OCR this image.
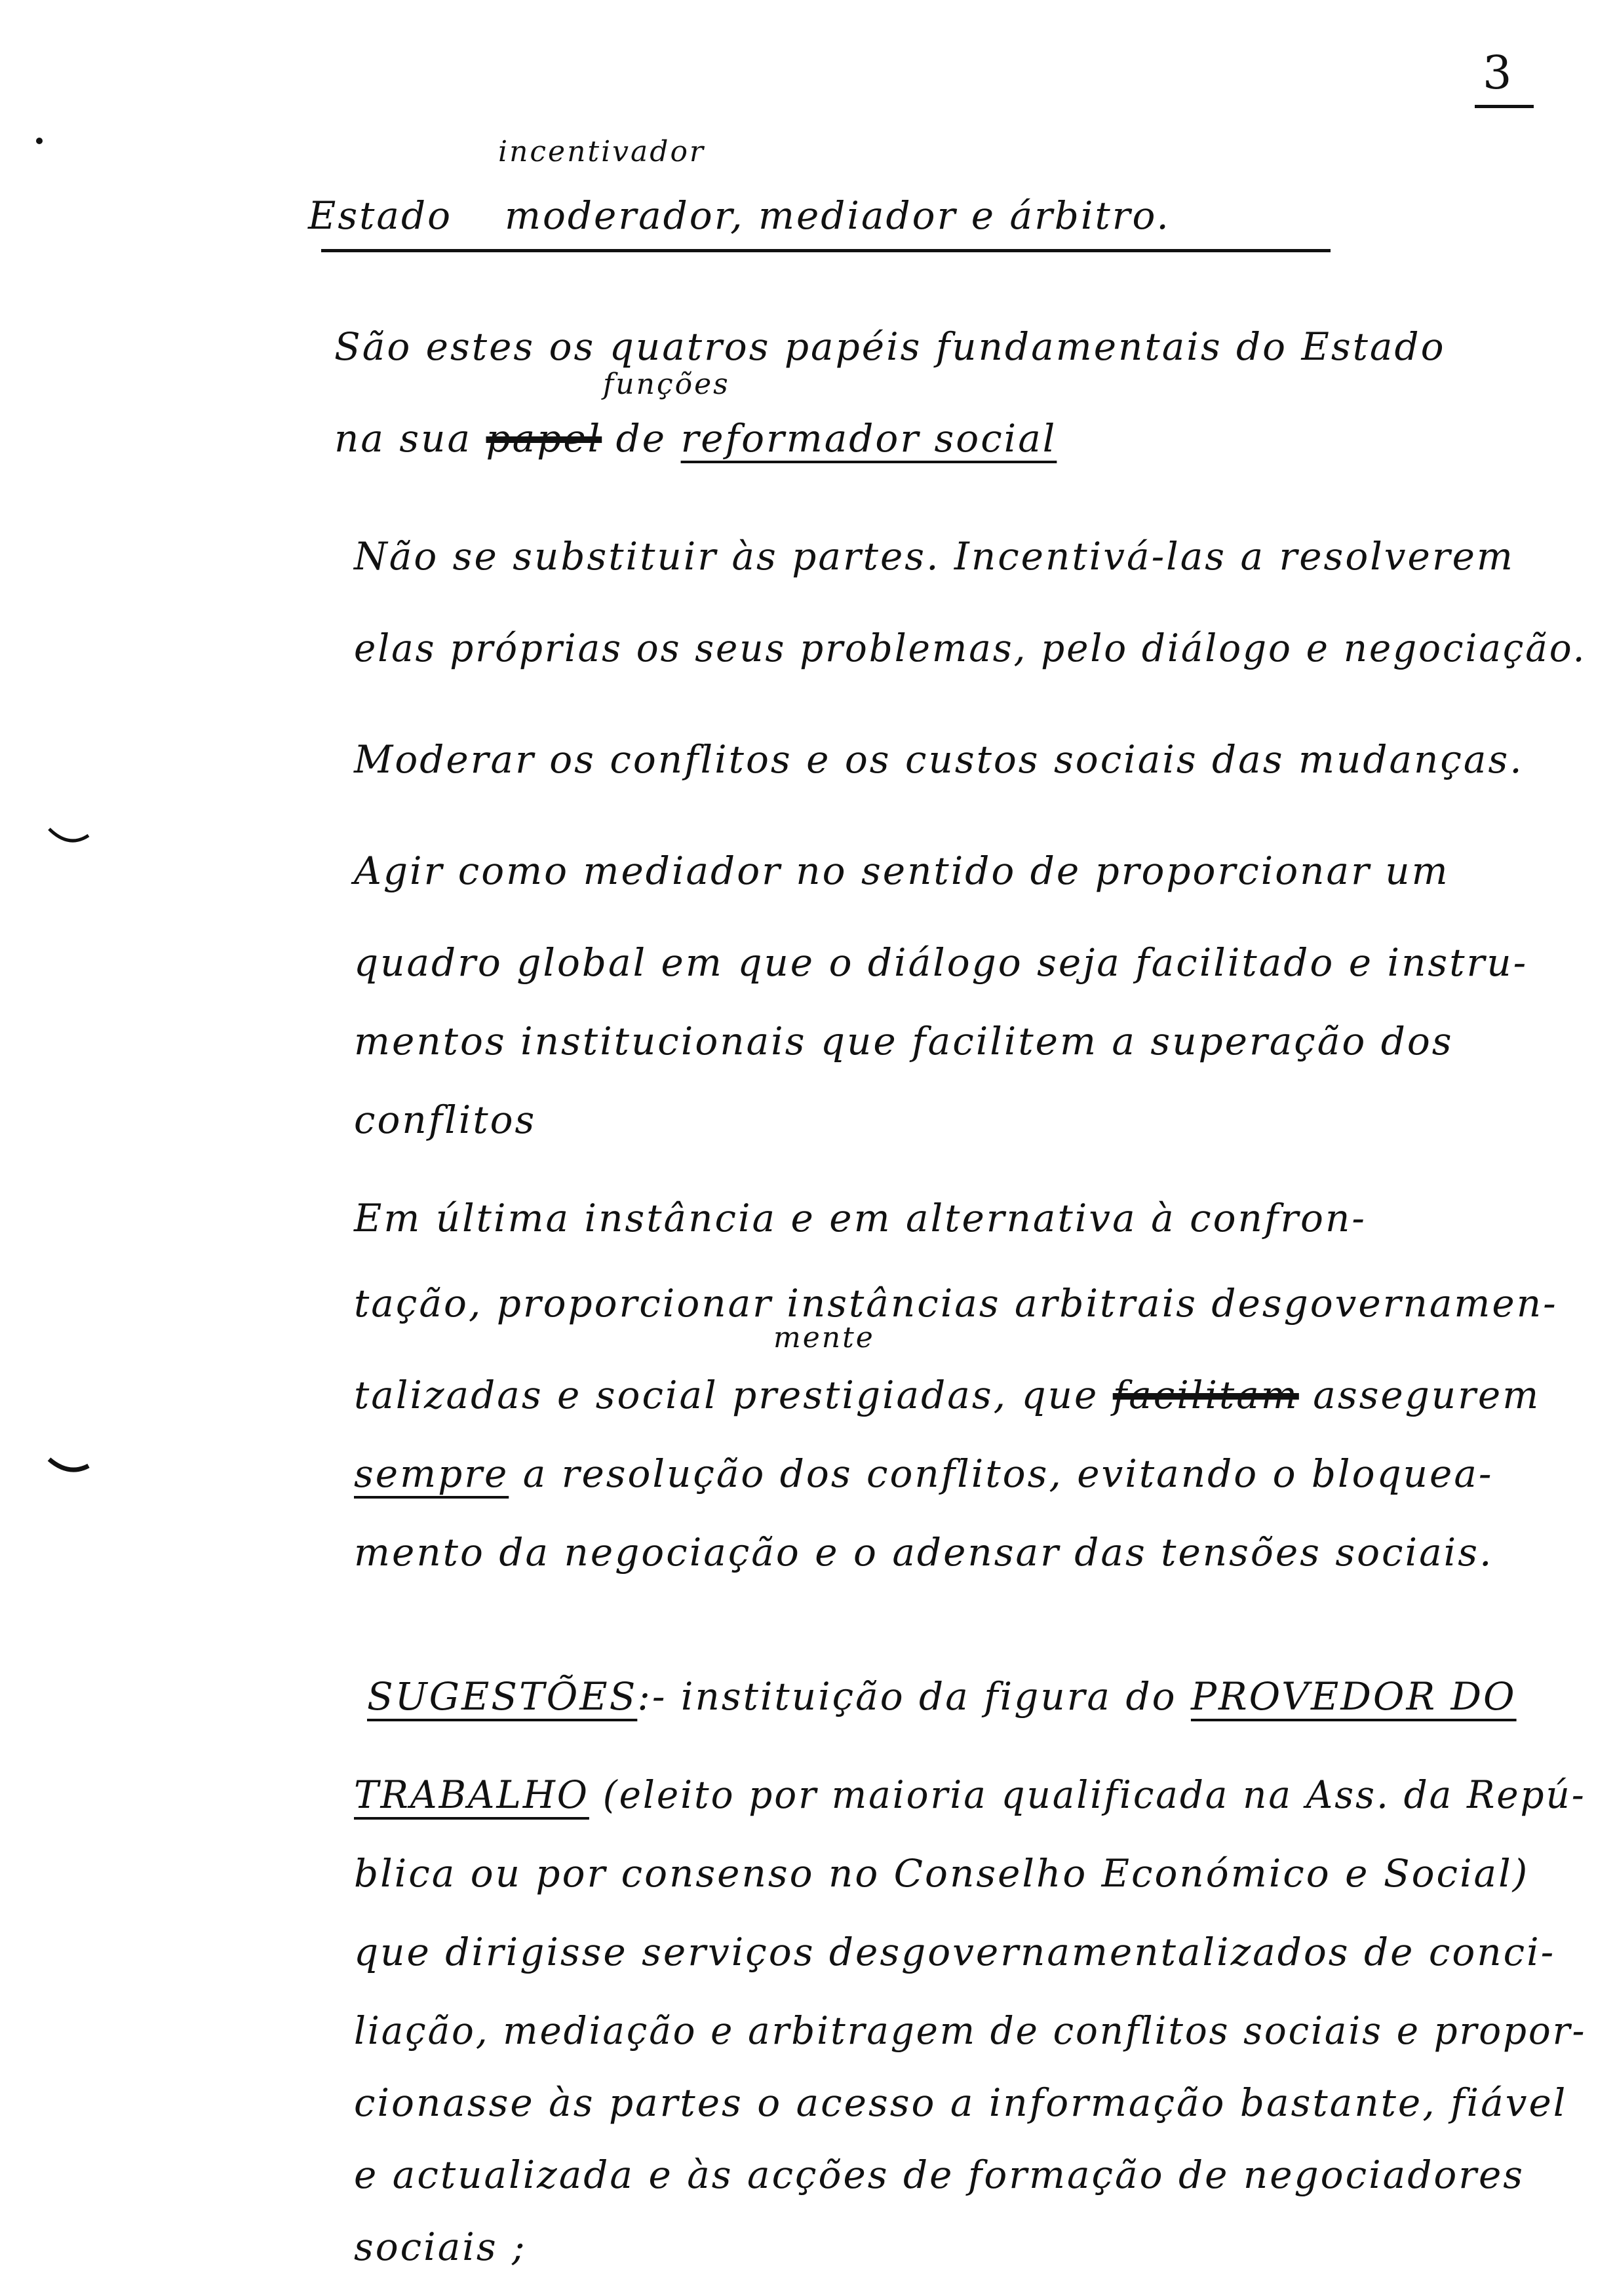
3
incentivador
Estado moderador, mediador e árbitro.
São estes os quatros papéis fundamentais do Estado
funções
na sua papel de reformador social
Não se substituir às partes. Incentivá-las a resolverem
elas próprias os seus problemas, pelo diálogo e negociação.
Moderar os conflitos e os custos sociais das mudanças.
Agir como mediador no sentido de proporcionar um
quadro global em que o diálogo seja facilitado e instru-
mentos institucionais que facilitem a superação dos
conflitos
Em última instância e em alternativa à confron-
tação, proporcionar instâncias arbitrais desgovernamen-
mente
talizadas e social prestigiadas, que facilitam assegurem
sempre a resolução dos conflitos, evitando o bloquea-
mento da negociação e o adensar das tensões sociais.
SUGESTÕES:- instituição da figura do PROVEDOR DO
TRABALHO (eleito por maioria qualificada na Ass. da Repú-
blica ou por consenso no Conselho Económico e Social)
que dirigisse serviços desgovernamentalizados de conci-
liação, mediação e arbitragem de conflitos sociais e propor-
cionasse às partes o acesso a informação bastante, fiável
e actualizada e às acções de formação de negociadores
sociais ;
